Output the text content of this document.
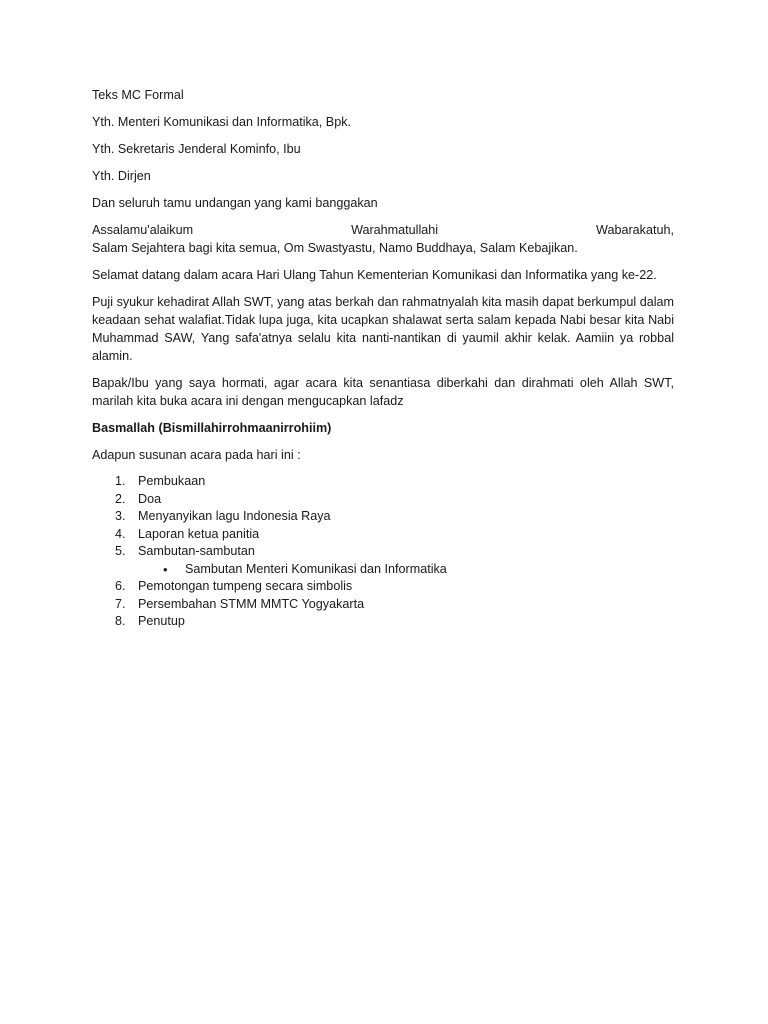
Teks MC Formal

Yth. Menteri Komunikasi dan Informatika, Bpk.

Yth. Sekretaris Jenderal Kominfo, Ibu

Yth. Dirjen

Dan seluruh tamu undangan yang kami banggakan

Assalamu'alaikum	Warahmatullahi	Wabarakatuh,
Salam Sejahtera bagi kita semua, Om Swastyastu, Namo Buddhaya, Salam Kebajikan.

Selamat datang dalam acara Hari Ulang Tahun Kementerian Komunikasi dan Informatika yang ke-22.

Puji syukur kehadirat Allah SWT, yang atas berkah dan rahmatnyalah kita masih dapat berkumpul dalam keadaan sehat walafiat.Tidak lupa juga, kita ucapkan shalawat serta salam kepada Nabi besar kita Nabi Muhammad SAW, Yang safa'atnya selalu kita nanti-nantikan di yaumil akhir kelak. Aamiin ya robbal alamin.

Bapak/Ibu yang saya hormati, agar acara kita senantiasa diberkahi dan dirahmati oleh Allah SWT, marilah kita buka acara ini dengan mengucapkan lafadz

Basmallah (Bismillahirrohmaanirrohiim)

Adapun susunan acara pada hari ini :

1. Pembukaan
2. Doa
3. Menyanyikan lagu Indonesia Raya
4. Laporan ketua panitia
5. Sambutan-sambutan
• Sambutan Menteri Komunikasi dan Informatika
6. Pemotongan tumpeng secara simbolis
7. Persembahan STMM MMTC Yogyakarta
8. Penutup
